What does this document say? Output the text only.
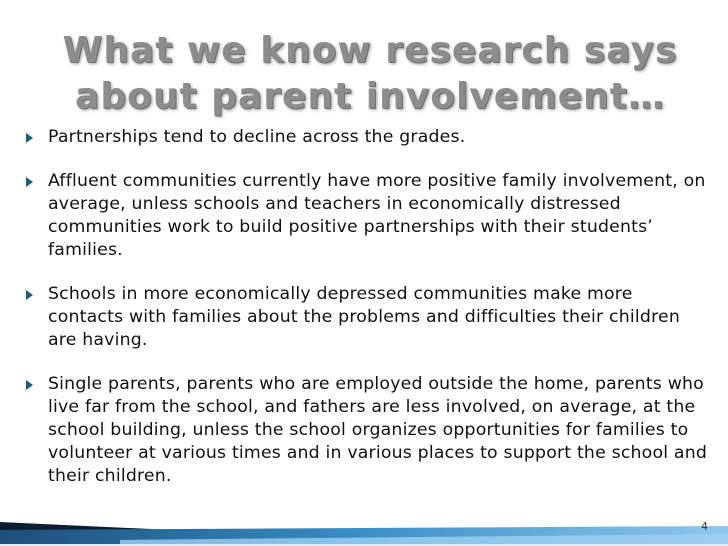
What we know research says
about parent involvement…
Partnerships tend to decline across the grades.
Affluent communities currently have more positive family involvement, on average, unless schools and teachers in economically distressed communities work to build positive partnerships with their students’ families.
Schools in more economically depressed communities make more contacts with families about the problems and difficulties their children are having.
Single parents, parents who are employed outside the home, parents who live far from the school, and fathers are less involved, on average, at the school building, unless the school organizes opportunities for families to volunteer at various times and in various places to support the school and their children.
4
